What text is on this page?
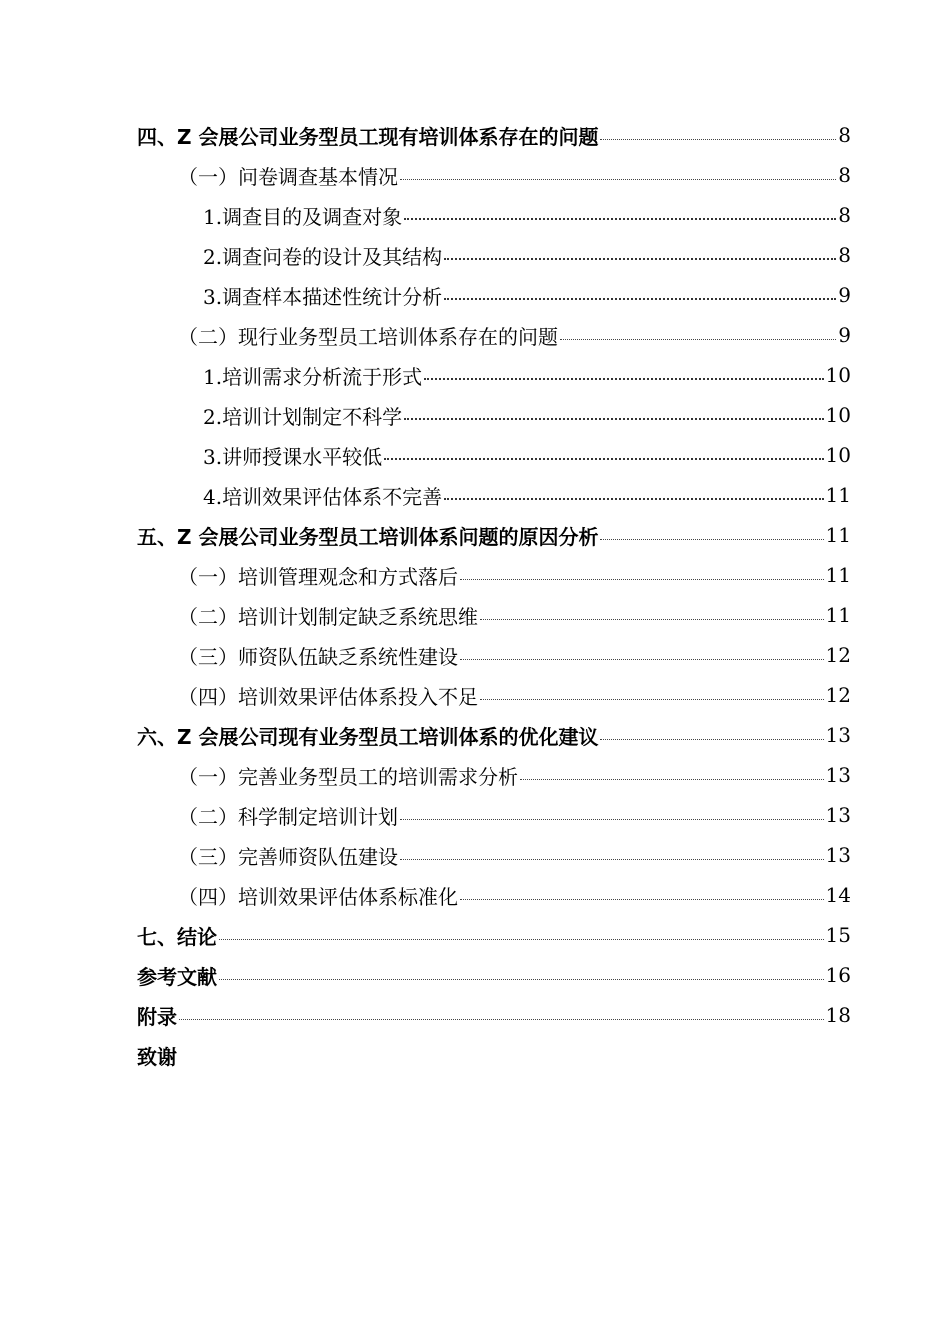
四、Z 会展公司业务型员工现有培训体系存在的问题	8
（一）问卷调查基本情况	8
1.调查目的及调查对象	8
2.调查问卷的设计及其结构	8
3.调查样本描述性统计分析	9
（二）现行业务型员工培训体系存在的问题	9
1.培训需求分析流于形式	10
2.培训计划制定不科学	10
3.讲师授课水平较低	10
4.培训效果评估体系不完善	11
五、Z 会展公司业务型员工培训体系问题的原因分析	11
（一）培训管理观念和方式落后	11
（二）培训计划制定缺乏系统思维	11
（三）师资队伍缺乏系统性建设	12
（四）培训效果评估体系投入不足	12
六、Z 会展公司现有业务型员工培训体系的优化建议	13
（一）完善业务型员工的培训需求分析	13
（二）科学制定培训计划	13
（三）完善师资队伍建设	13
（四）培训效果评估体系标准化	14
七、结论	15
参考文献	16
附录	18
致谢
